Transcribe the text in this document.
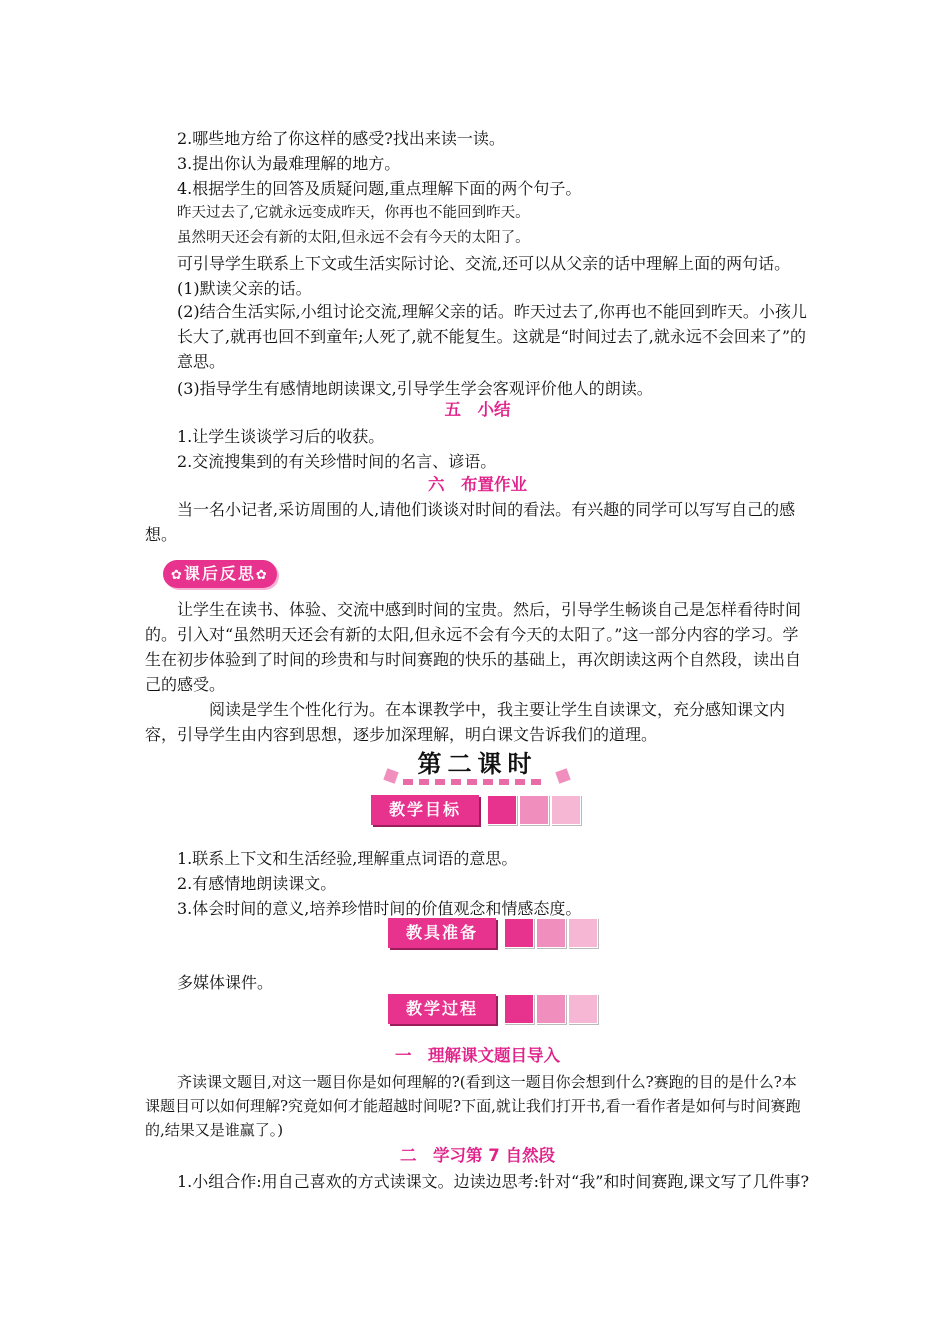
2.哪些地方给了你这样的感受?找出来读一读。
3.提出你认为最难理解的地方。
4.根据学生的回答及质疑问题,重点理解下面的两个句子。
昨天过去了,它就永远变成昨天，你再也不能回到昨天。
虽然明天还会有新的太阳,但永远不会有今天的太阳了。
可引导学生联系上下文或生活实际讨论、交流,还可以从父亲的话中理解上面的两句话。
(1)默读父亲的话。
(2)结合生活实际,小组讨论交流,理解父亲的话。昨天过去了,你再也不能回到昨天。小孩儿长大了,就再也回不到童年;人死了,就不能复生。这就是“时间过去了,就永远不会回来了”的意思。
(3)指导学生有感情地朗读课文,引导学生学会客观评价他人的朗读。
五　小结
1.让学生谈谈学习后的收获。
2.交流搜集到的有关珍惜时间的名言、谚语。
六　布置作业
当一名小记者,采访周围的人,请他们谈谈对时间的看法。有兴趣的同学可以写写自己的感想。
✿课后反思✿
让学生在读书、体验、交流中感到时间的宝贵。然后，引导学生畅谈自己是怎样看待时间的。引入对“虽然明天还会有新的太阳,但永远不会有今天的太阳了。”这一部分内容的学习。学生在初步体验到了时间的珍贵和与时间赛跑的快乐的基础上，再次朗读这两个自然段，读出自己的感受。
阅读是学生个性化行为。在本课教学中，我主要让学生自读课文，充分感知课文内容，引导学生由内容到思想，逐步加深理解，明白课文告诉我们的道理。
第二课时
教学目标
1.联系上下文和生活经验,理解重点词语的意思。
2.有感情地朗读课文。
3.体会时间的意义,培养珍惜时间的价值观念和情感态度。
教具准备
多媒体课件。
教学过程
一　理解课文题目导入
齐读课文题目,对这一题目你是如何理解的?(看到这一题目你会想到什么?赛跑的目的是什么?本课题目可以如何理解?究竟如何才能超越时间呢?下面,就让我们打开书,看一看作者是如何与时间赛跑的,结果又是谁赢了。)
二　学习第 7 自然段
1.小组合作:用自己喜欢的方式读课文。边读边思考:针对“我”和时间赛跑,课文写了几件事?
